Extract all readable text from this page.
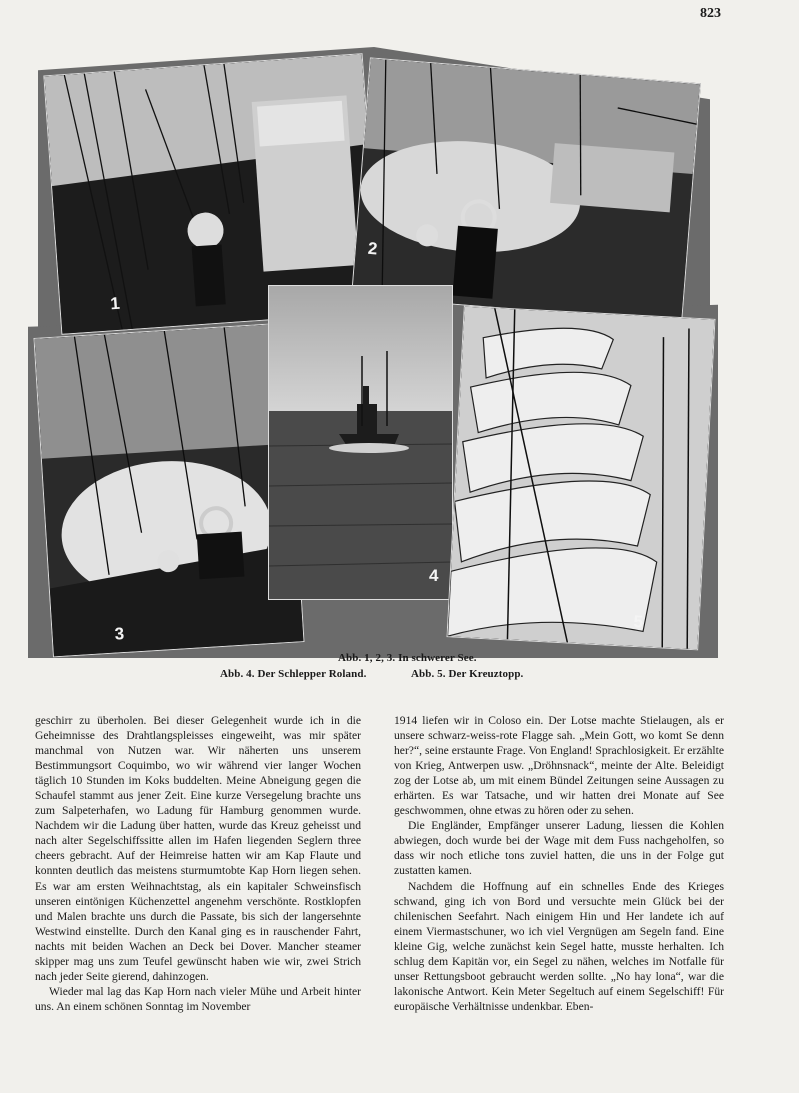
823
1
2
3
4
5
Abb. 1, 2, 3. In schwerer See.
Abb. 4. Der Schlepper Roland.	Abb. 5. Der Kreuztopp.

geschirr zu überholen. Bei dieser Gelegenheit wurde ich in die Geheimnisse des Drahtlangspleisses eingeweiht, was mir später manchmal von Nutzen war. Wir näherten uns unserem Bestimmungsort Coquimbo, wo wir während vier langer Wochen täglich 10 Stunden im Koks buddelten. Meine Abneigung gegen die Schaufel stammt aus jener Zeit. Eine kurze Versegelung brachte uns zum Salpeterhafen, wo Ladung für Hamburg genommen wurde. Nachdem wir die Ladung über hatten, wurde das Kreuz geheisst und nach alter Segelschiffssitte allen im Hafen liegenden Seglern three cheers gebracht. Auf der Heimreise hatten wir am Kap Flaute und konnten deutlich das meistens sturmumtobte Kap Horn liegen sehen. Es war am ersten Weihnachtstag, als ein kapitaler Schweinsfisch unseren eintönigen Küchenzettel angenehm verschönte. Rostklopfen und Malen brachte uns durch die Passate, bis sich der langersehnte Westwind einstellte. Durch den Kanal ging es in rauschender Fahrt, nachts mit beiden Wachen an Deck bei Dover. Mancher steamer skipper mag uns zum Teufel gewünscht haben wie wir, zwei Strich nach jeder Seite gierend, dahinzogen.

Wieder mal lag das Kap Horn nach vieler Mühe und Arbeit hinter uns. An einem schönen Sonntag im November

1914 liefen wir in Coloso ein. Der Lotse machte Stielaugen, als er unsere schwarz-weiss-rote Flagge sah. „Mein Gott, wo komt Se denn her?“, seine erstaunte Frage. Von England! Sprachlosigkeit. Er erzählte von Krieg, Antwerpen usw. „Dröhnsnack“, meinte der Alte. Beleidigt zog der Lotse ab, um mit einem Bündel Zeitungen seine Aussagen zu erhärten. Es war Tatsache, und wir hatten drei Monate auf See geschwommen, ohne etwas zu hören oder zu sehen.

Die Engländer, Empfänger unserer Ladung, liessen die Kohlen abwiegen, doch wurde bei der Wage mit dem Fuss nachgeholfen, so dass wir noch etliche tons zuviel hatten, die uns in der Folge gut zustatten kamen.

Nachdem die Hoffnung auf ein schnelles Ende des Krieges schwand, ging ich von Bord und versuchte mein Glück bei der chilenischen Seefahrt. Nach einigem Hin und Her landete ich auf einem Viermastschuner, wo ich viel Vergnügen am Segeln fand. Eine kleine Gig, welche zunächst kein Segel hatte, musste herhalten. Ich schlug dem Kapitän vor, ein Segel zu nähen, welches im Notfalle für unser Rettungsboot gebraucht werden sollte. „No hay lona“, war die lakonische Antwort. Kein Meter Segeltuch auf einem Segelschiff! Für europäische Verhältnisse undenkbar. Eben-
